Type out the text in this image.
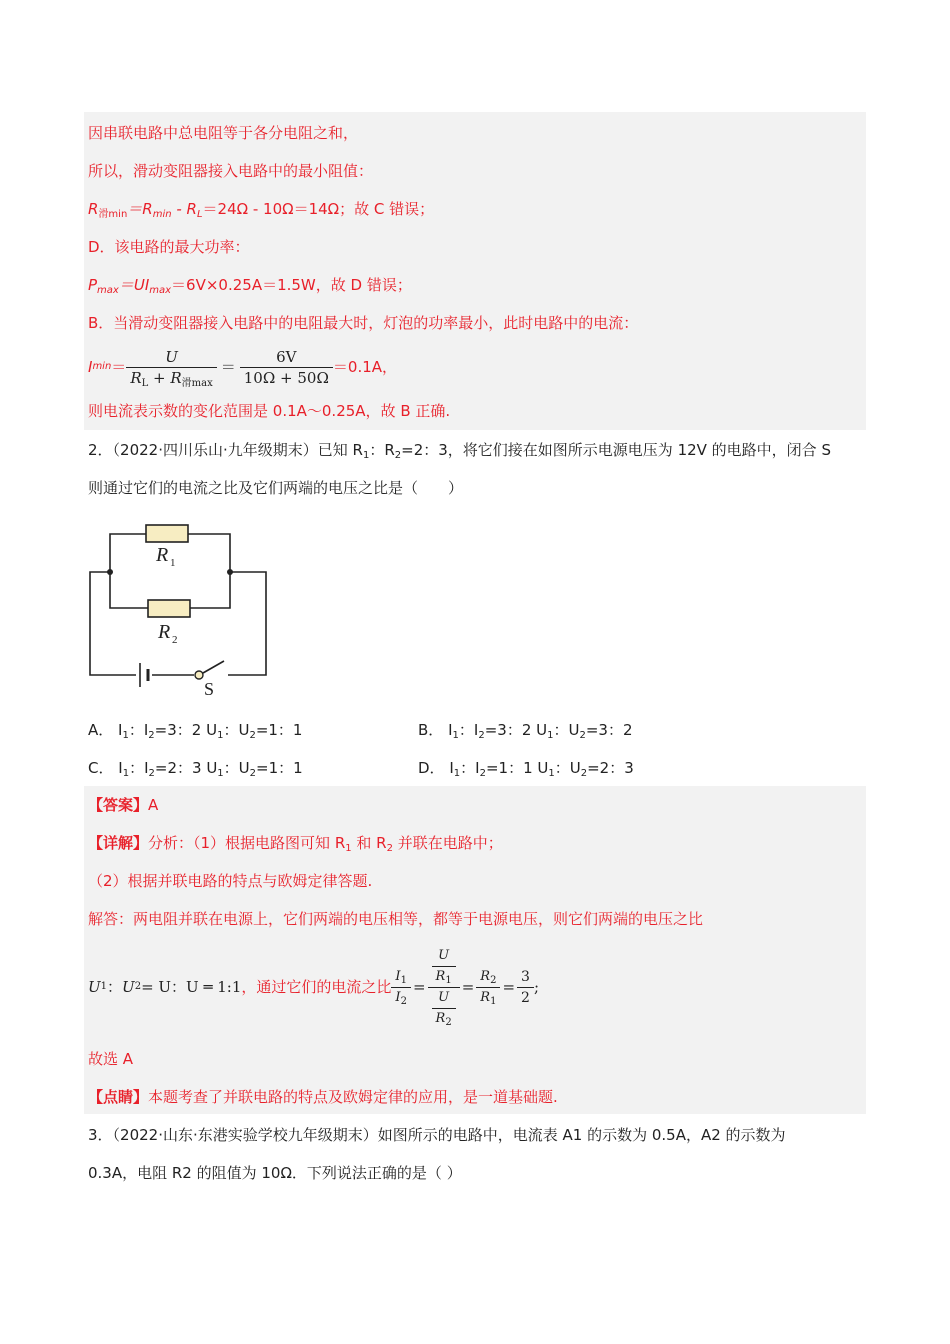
因串联电路中总电阻等于各分电阻之和，
所以，滑动变阻器接入电路中的最小阻值：
$R_{滑min}=R_{min} - R_L=24\Omega - 10\Omega=14\Omega$；故 C 错误；
D．该电路的最大功率：
$P_{max}=UI_{max}=6V\times 0.25A=1.5W$，故 D 错误；
B．当滑动变阻器接入电路中的电阻最大时，灯泡的功率最小，此时电路中的电流：
I $\min = \frac{U}{R_L + R_{滑max}} = \frac{6V}{10\Omega + 50\Omega} =0.1A$，
则电流表示数的变化范围是 0.1A～0.25A，故 B 正确.
2．（2022·四川乐山·九年级期末）已知 $R_1$：$R_2=2$：3，将它们接在如图所示电源电压为 12V 的电路中，闭合 S
则通过它们的电流之比及它们两端的电压之比是（　　）
R 1
R 2
S
A． $I_1$：$I_2=3$：2 $U_1$：$U_2=1$：1	B． $I_1$：$I_2=3$：2 $U_1$：$U_2=3$：2
C． $I_1$：$I_2=2$：3 $U_1$：$U_2=1$：1	D． $I_1$：$I_2=1$：1 $U_1$：$U_2=2$：3
【答案】A
【详解】分析：（1）根据电路图可知 $R_1$ 和 $R_2$ 并联在电路中；
（2）根据并联电路的特点与欧姆定律答题.
解答：两电阻并联在电源上，它们两端的电压相等，都等于电源电压，则它们两端的电压之比
U 1 ： U 2 = U：U ═ 1:1 ，通过它们的电流之比 $\frac{I_1}{I_2} = \frac{\frac{U}{R_1}}{\frac{U}{R_2}} = \frac{R_2}{R_1} = \frac{3}{2}$ ;
故选 A
【点睛】本题考查了并联电路的特点及欧姆定律的应用，是一道基础题.
3．（2022·山东·东港实验学校九年级期末）如图所示的电路中，电流表 A1 的示数为 0.5A，A2 的示数为
0.3A，电阻 R2 的阻值为 10Ω．下列说法正确的是（ ）
